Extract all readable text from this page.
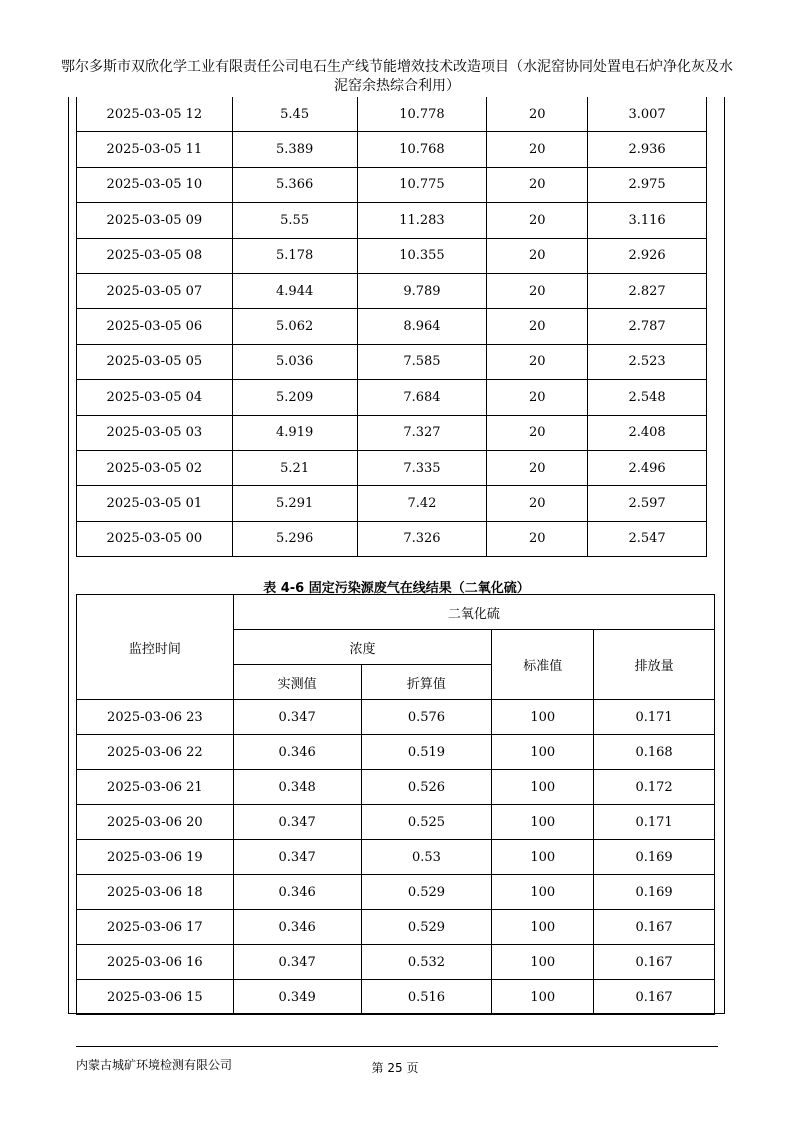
鄂尔多斯市双欣化学工业有限责任公司电石生产线节能增效技术改造项目（水泥窑协同处置电石炉净化灰及水泥窑余热综合利用）
2025-03-05 12	5.45	10.778	20	3.007
2025-03-05 11	5.389	10.768	20	2.936
2025-03-05 10	5.366	10.775	20	2.975
2025-03-05 09	5.55	11.283	20	3.116
2025-03-05 08	5.178	10.355	20	2.926
2025-03-05 07	4.944	9.789	20	2.827
2025-03-05 06	5.062	8.964	20	2.787
2025-03-05 05	5.036	7.585	20	2.523
2025-03-05 04	5.209	7.684	20	2.548
2025-03-05 03	4.919	7.327	20	2.408
2025-03-05 02	5.21	7.335	20	2.496
2025-03-05 01	5.291	7.42	20	2.597
2025-03-05 00	5.296	7.326	20	2.547
表 4-6 固定污染源废气在线结果（二氧化硫）
监控时间	二氧化硫			
	浓度		标准值	排放量
	实测值	折算值		
2025-03-06 23	0.347	0.576	100	0.171
2025-03-06 22	0.346	0.519	100	0.168
2025-03-06 21	0.348	0.526	100	0.172
2025-03-06 20	0.347	0.525	100	0.171
2025-03-06 19	0.347	0.53	100	0.169
2025-03-06 18	0.346	0.529	100	0.169
2025-03-06 17	0.346	0.529	100	0.167
2025-03-06 16	0.347	0.532	100	0.167
2025-03-06 15	0.349	0.516	100	0.167
内蒙古城矿环境检测有限公司	第 25 页
